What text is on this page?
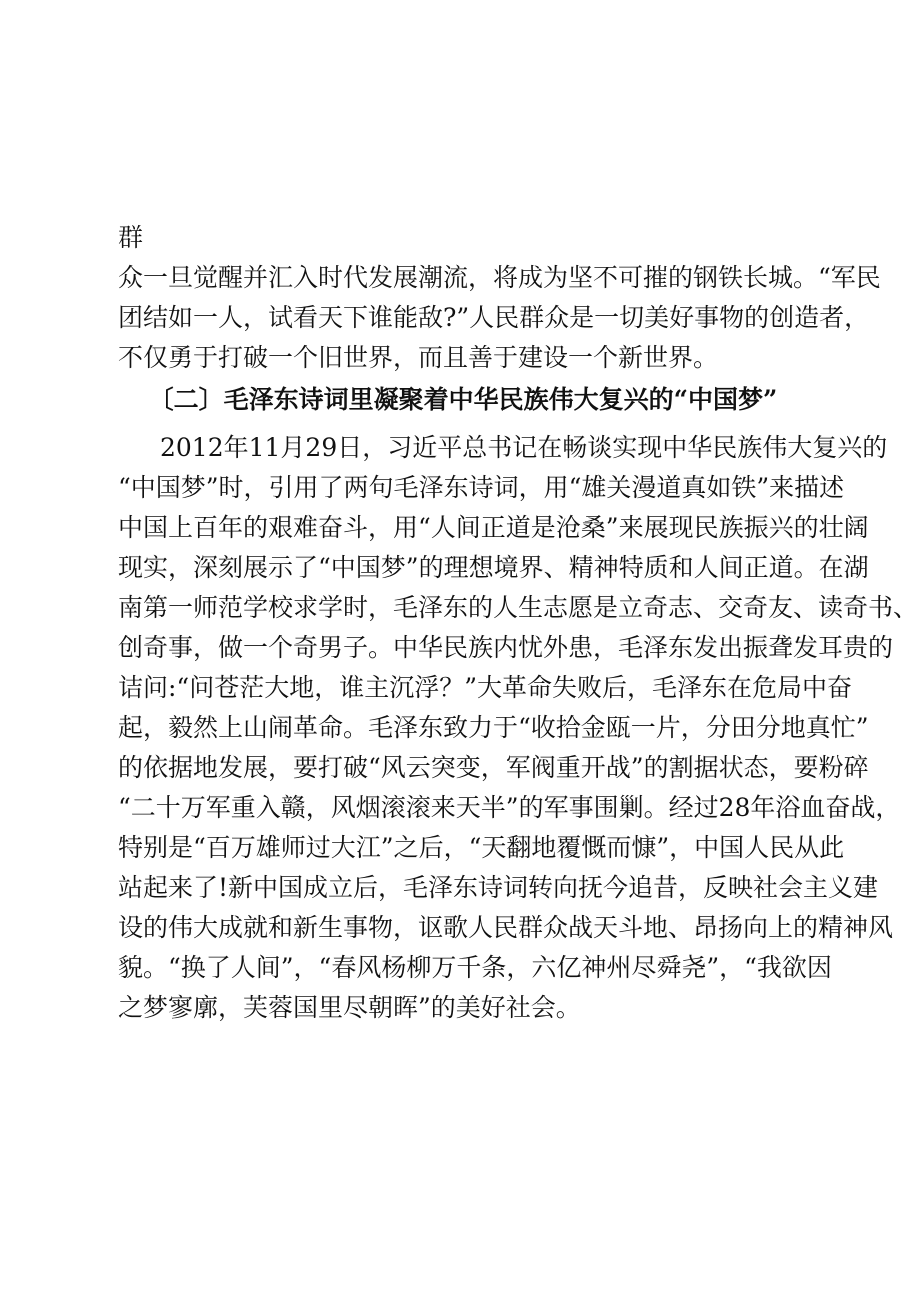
群
众一旦觉醒并汇入时代发展潮流，将成为坚不可摧的钢铁长城。“军民
团结如一人，试看天下谁能敌?”人民群众是一切美好事物的创造者，
不仅勇于打破一个旧世界，而且善于建设一个新世界。
〔二〕毛泽东诗词里凝聚着中华民族伟大复兴的“中国梦”
2012年11月29日，习近平总书记在畅谈实现中华民族伟大复兴的
“中国梦”时，引用了两句毛泽东诗词，用“雄关漫道真如铁”来描述
中国上百年的艰难奋斗，用“人间正道是沧桑”来展现民族振兴的壮阔
现实，深刻展示了“中国梦”的理想境界、精神特质和人间正道。在湖
南第一师范学校求学时，毛泽东的人生志愿是立奇志、交奇友、读奇书、
创奇事，做一个奇男子。中华民族内忧外患，毛泽东发出振聋发耳贵的
诘问:“问苍茫大地，谁主沉浮？”大革命失败后，毛泽东在危局中奋
起，毅然上山闹革命。毛泽东致力于“收拾金瓯一片，分田分地真忙”
的依据地发展，要打破“风云突变，军阀重开战”的割据状态，要粉碎
“二十万军重入赣，风烟滚滚来天半”的军事围剿。经过28年浴血奋战，
特别是“百万雄师过大江”之后，“天翻地覆慨而慷”，中国人民从此
站起来了!新中国成立后，毛泽东诗词转向抚今追昔，反映社会主义建
设的伟大成就和新生事物，讴歌人民群众战天斗地、昂扬向上的精神风
貌。“换了人间”，“春风杨柳万千条，六亿神州尽舜尧”，“我欲因
之梦寥廓，芙蓉国里尽朝晖”的美好社会。
